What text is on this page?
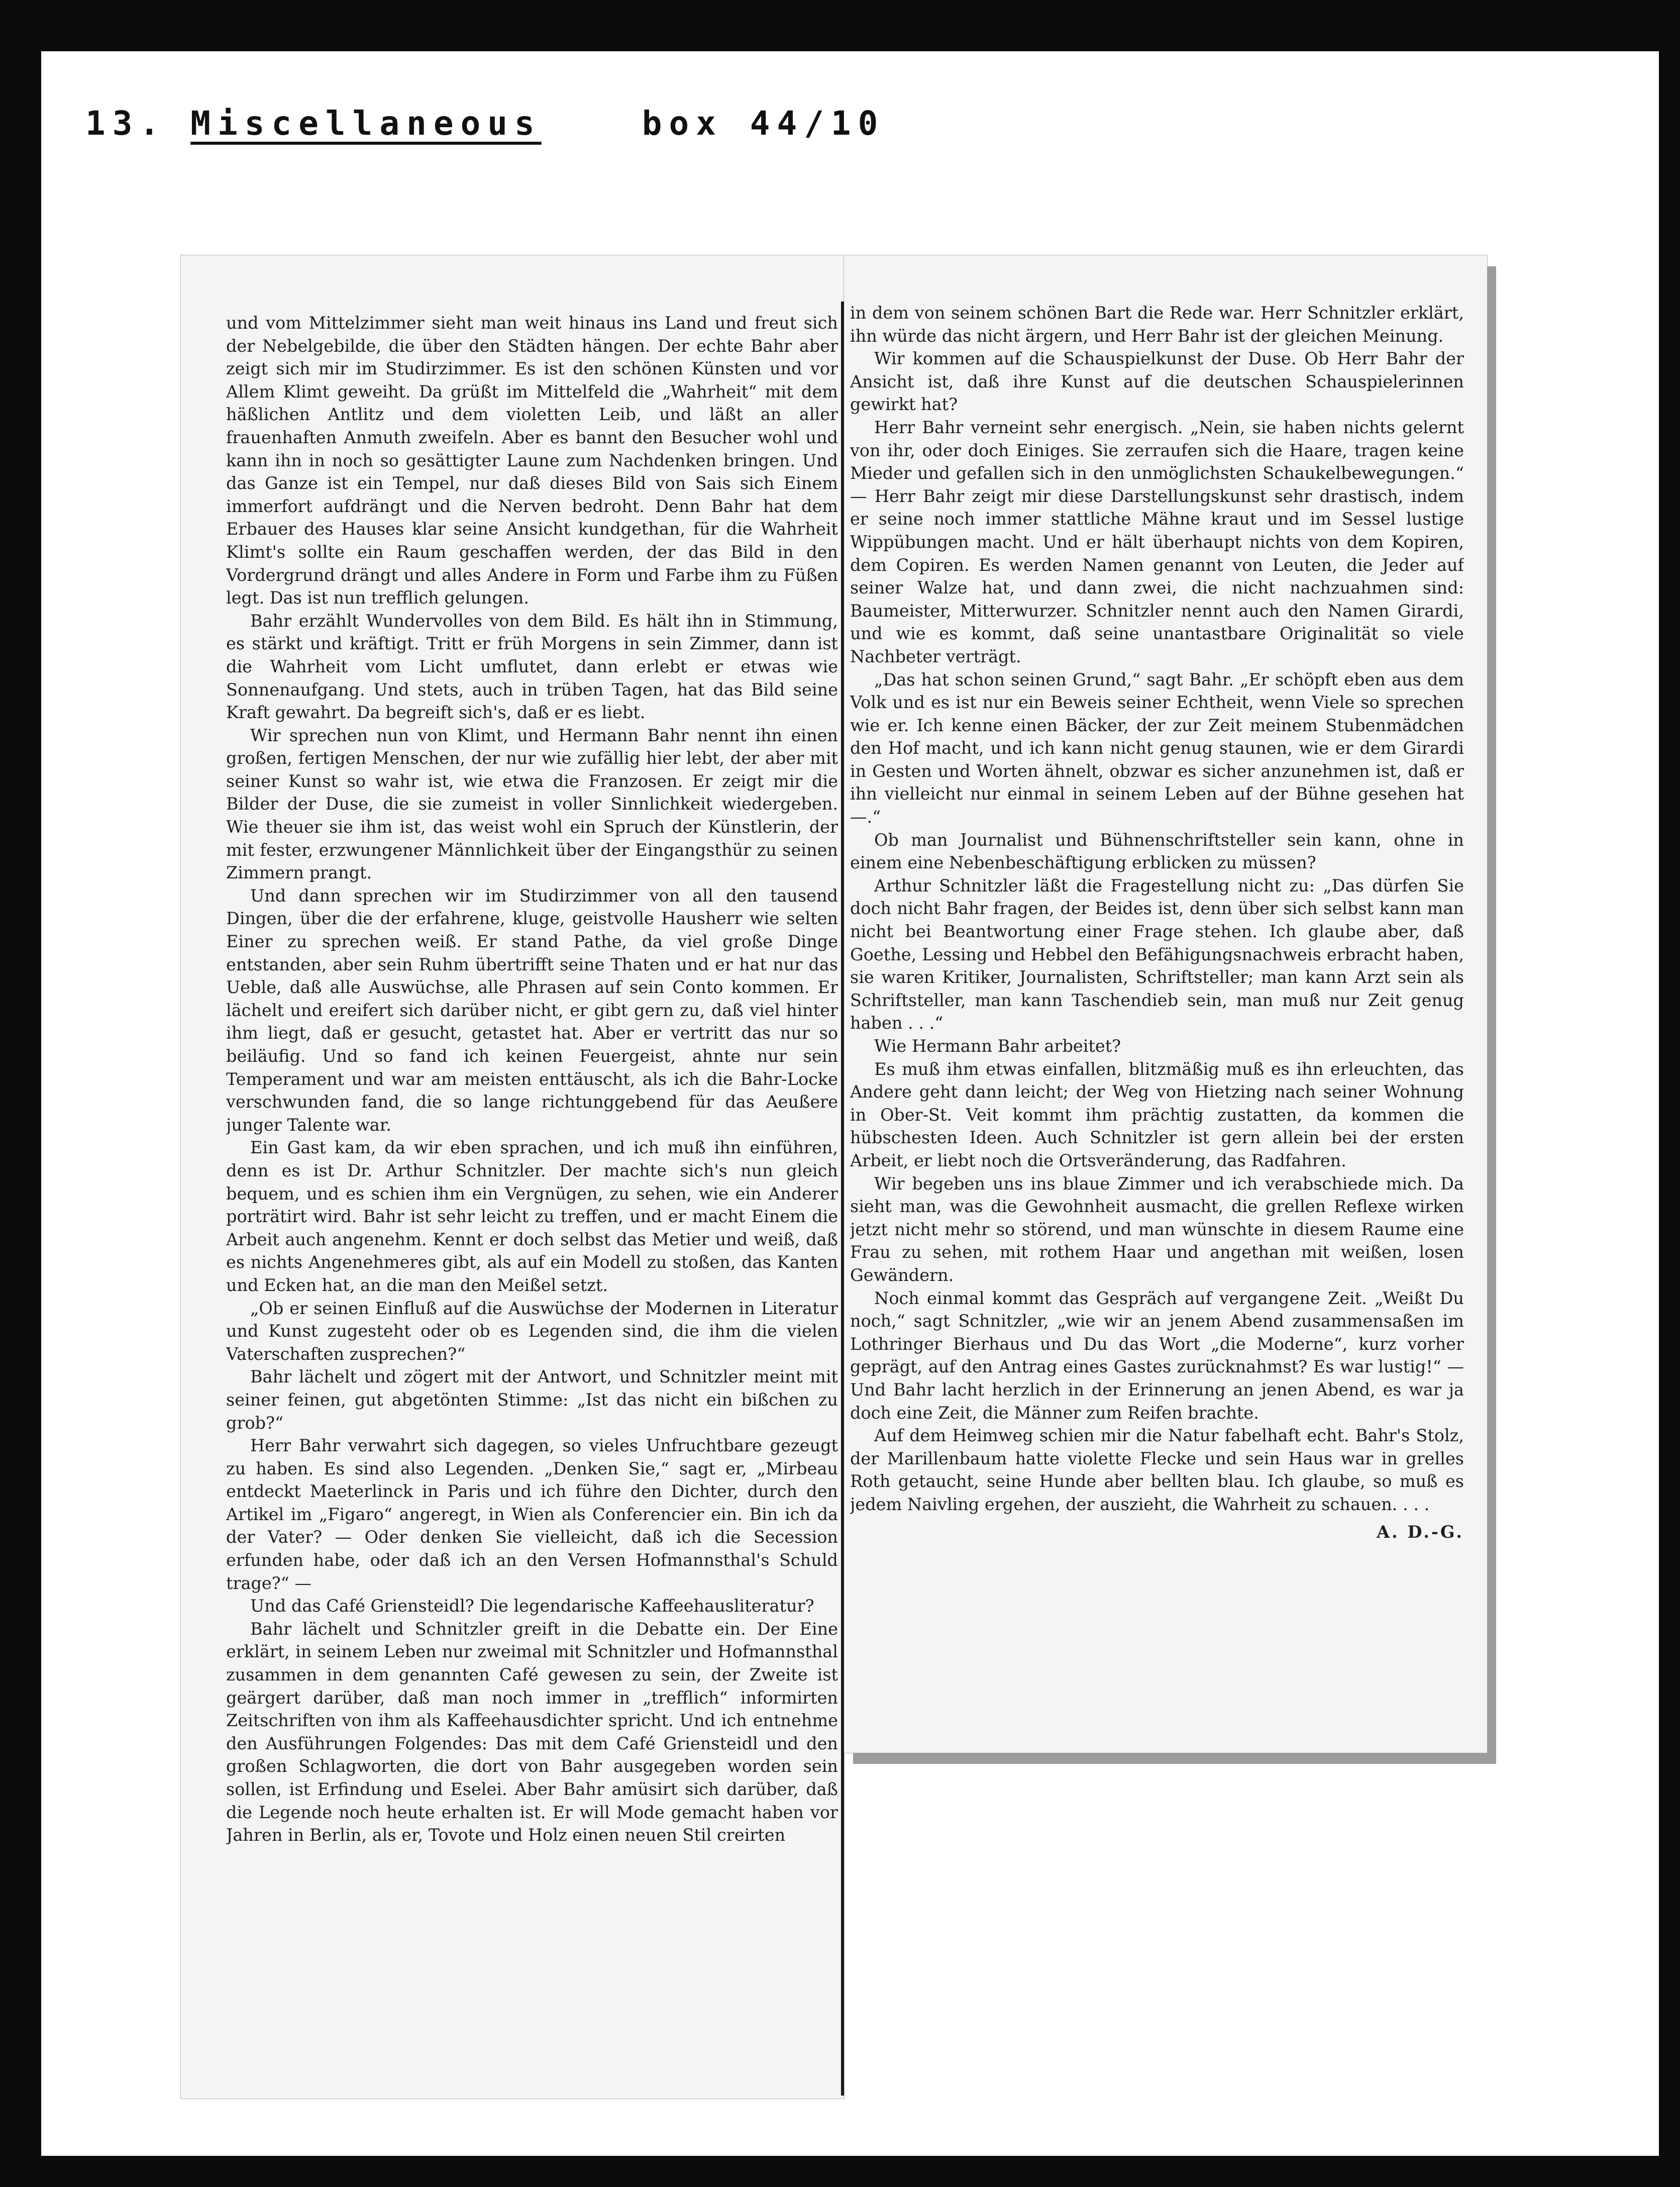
13. Miscellaneous	box 44/10

und vom Mittelzimmer sieht man weit hinaus ins Land und freut sich der Nebelgebilde, die über den Städten hängen. Der echte Bahr aber zeigt sich mir im Studirzimmer. Es ist den schönen Künsten und vor Allem Klimt geweiht. Da grüßt im Mittelfeld die „Wahrheit“ mit dem häßlichen Antlitz und dem violetten Leib, und läßt an aller frauenhaften Anmuth zweifeln. Aber es bannt den Besucher wohl und kann ihn in noch so gesättigter Laune zum Nachdenken bringen. Und das Ganze ist ein Tempel, nur daß dieses Bild von Sais sich Einem immerfort aufdrängt und die Nerven bedroht. Denn Bahr hat dem Erbauer des Hauses klar seine Ansicht kundgethan, für die Wahrheit Klimt's sollte ein Raum geschaffen werden, der das Bild in den Vordergrund drängt und alles Andere in Form und Farbe ihm zu Füßen legt. Das ist nun trefflich gelungen.

Bahr erzählt Wundervolles von dem Bild. Es hält ihn in Stimmung, es stärkt und kräftigt. Tritt er früh Morgens in sein Zimmer, dann ist die Wahrheit vom Licht umflutet, dann erlebt er etwas wie Sonnenaufgang. Und stets, auch in trüben Tagen, hat das Bild seine Kraft gewahrt. Da begreift sich's, daß er es liebt.

Wir sprechen nun von Klimt, und Hermann Bahr nennt ihn einen großen, fertigen Menschen, der nur wie zufällig hier lebt, der aber mit seiner Kunst so wahr ist, wie etwa die Franzosen. Er zeigt mir die Bilder der Duse, die sie zumeist in voller Sinnlichkeit wiedergeben. Wie theuer sie ihm ist, das weist wohl ein Spruch der Künstlerin, der mit fester, erzwungener Männlichkeit über der Eingangsthür zu seinen Zimmern prangt.

Und dann sprechen wir im Studirzimmer von all den tausend Dingen, über die der erfahrene, kluge, geistvolle Hausherr wie selten Einer zu sprechen weiß. Er stand Pathe, da viel große Dinge entstanden, aber sein Ruhm übertrifft seine Thaten und er hat nur das Ueble, daß alle Auswüchse, alle Phrasen auf sein Conto kommen. Er lächelt und ereifert sich darüber nicht, er gibt gern zu, daß viel hinter ihm liegt, daß er gesucht, getastet hat. Aber er vertritt das nur so beiläufig. Und so fand ich keinen Feuergeist, ahnte nur sein Temperament und war am meisten enttäuscht, als ich die Bahr-Locke verschwunden fand, die so lange richtunggebend für das Aeußere junger Talente war.

Ein Gast kam, da wir eben sprachen, und ich muß ihn einführen, denn es ist Dr. Arthur Schnitzler. Der machte sich's nun gleich bequem, und es schien ihm ein Vergnügen, zu sehen, wie ein Anderer porträtirt wird. Bahr ist sehr leicht zu treffen, und er macht Einem die Arbeit auch angenehm. Kennt er doch selbst das Metier und weiß, daß es nichts Angenehmeres gibt, als auf ein Modell zu stoßen, das Kanten und Ecken hat, an die man den Meißel setzt.

„Ob er seinen Einfluß auf die Auswüchse der Modernen in Literatur und Kunst zugesteht oder ob es Legenden sind, die ihm die vielen Vaterschaften zusprechen?“

Bahr lächelt und zögert mit der Antwort, und Schnitzler meint mit seiner feinen, gut abgetönten Stimme: „Ist das nicht ein bißchen zu grob?“

Herr Bahr verwahrt sich dagegen, so vieles Unfruchtbare gezeugt zu haben. Es sind also Legenden. „Denken Sie,“ sagt er, „Mirbeau entdeckt Maeterlinck in Paris und ich führe den Dichter, durch den Artikel im „Figaro“ angeregt, in Wien als Conferencier ein. Bin ich da der Vater? — Oder denken Sie vielleicht, daß ich die Secession erfunden habe, oder daß ich an den Versen Hofmannsthal's Schuld trage?“ —

Und das Café Griensteidl? Die legendarische Kaffeehausliteratur?

Bahr lächelt und Schnitzler greift in die Debatte ein. Der Eine erklärt, in seinem Leben nur zweimal mit Schnitzler und Hofmannsthal zusammen in dem genannten Café gewesen zu sein, der Zweite ist geärgert darüber, daß man noch immer in „trefflich“ informirten Zeitschriften von ihm als Kaffeehausdichter spricht. Und ich entnehme den Ausführungen Folgendes: Das mit dem Café Griensteidl und den großen Schlagworten, die dort von Bahr ausgegeben worden sein sollen, ist Erfindung und Eselei. Aber Bahr amüsirt sich darüber, daß die Legende noch heute erhalten ist. Er will Mode gemacht haben vor Jahren in Berlin, als er, Tovote und Holz einen neuen Stil creirten

in dem von seinem schönen Bart die Rede war. Herr Schnitzler erklärt, ihn würde das nicht ärgern, und Herr Bahr ist der gleichen Meinung.

Wir kommen auf die Schauspielkunst der Duse. Ob Herr Bahr der Ansicht ist, daß ihre Kunst auf die deutschen Schauspielerinnen gewirkt hat?

Herr Bahr verneint sehr energisch. „Nein, sie haben nichts gelernt von ihr, oder doch Einiges. Sie zerraufen sich die Haare, tragen keine Mieder und gefallen sich in den unmöglichsten Schaukelbewegungen.“ — Herr Bahr zeigt mir diese Darstellungskunst sehr drastisch, indem er seine noch immer stattliche Mähne kraut und im Sessel lustige Wippübungen macht. Und er hält überhaupt nichts von dem Kopiren, dem Copiren. Es werden Namen genannt von Leuten, die Jeder auf seiner Walze hat, und dann zwei, die nicht nachzuahmen sind: Baumeister, Mitterwurzer. Schnitzler nennt auch den Namen Girardi, und wie es kommt, daß seine unantastbare Originalität so viele Nachbeter verträgt.

„Das hat schon seinen Grund,“ sagt Bahr. „Er schöpft eben aus dem Volk und es ist nur ein Beweis seiner Echtheit, wenn Viele so sprechen wie er. Ich kenne einen Bäcker, der zur Zeit meinem Stubenmädchen den Hof macht, und ich kann nicht genug staunen, wie er dem Girardi in Gesten und Worten ähnelt, obzwar es sicher anzunehmen ist, daß er ihn vielleicht nur einmal in seinem Leben auf der Bühne gesehen hat —.“

Ob man Journalist und Bühnenschriftsteller sein kann, ohne in einem eine Nebenbeschäftigung erblicken zu müssen?

Arthur Schnitzler läßt die Fragestellung nicht zu: „Das dürfen Sie doch nicht Bahr fragen, der Beides ist, denn über sich selbst kann man nicht bei Beantwortung einer Frage stehen. Ich glaube aber, daß Goethe, Lessing und Hebbel den Befähigungsnachweis erbracht haben, sie waren Kritiker, Journalisten, Schriftsteller; man kann Arzt sein als Schriftsteller, man kann Taschendieb sein, man muß nur Zeit genug haben . . .“

Wie Hermann Bahr arbeitet?

Es muß ihm etwas einfallen, blitzmäßig muß es ihn erleuchten, das Andere geht dann leicht; der Weg von Hietzing nach seiner Wohnung in Ober-St. Veit kommt ihm prächtig zustatten, da kommen die hübschesten Ideen. Auch Schnitzler ist gern allein bei der ersten Arbeit, er liebt noch die Ortsveränderung, das Radfahren.

Wir begeben uns ins blaue Zimmer und ich verabschiede mich. Da sieht man, was die Gewohnheit ausmacht, die grellen Reflexe wirken jetzt nicht mehr so störend, und man wünschte in diesem Raume eine Frau zu sehen, mit rothem Haar und angethan mit weißen, losen Gewändern.

Noch einmal kommt das Gespräch auf vergangene Zeit. „Weißt Du noch,“ sagt Schnitzler, „wie wir an jenem Abend zusammensaßen im Lothringer Bierhaus und Du das Wort „die Moderne“, kurz vorher geprägt, auf den Antrag eines Gastes zurücknahmst? Es war lustig!“ — Und Bahr lacht herzlich in der Erinnerung an jenen Abend, es war ja doch eine Zeit, die Männer zum Reifen brachte.

Auf dem Heimweg schien mir die Natur fabelhaft echt. Bahr's Stolz, der Marillenbaum hatte violette Flecke und sein Haus war in grelles Roth getaucht, seine Hunde aber bellten blau. Ich glaube, so muß es jedem Naivling ergehen, der auszieht, die Wahrheit zu schauen. . . .

A. D.-G.
